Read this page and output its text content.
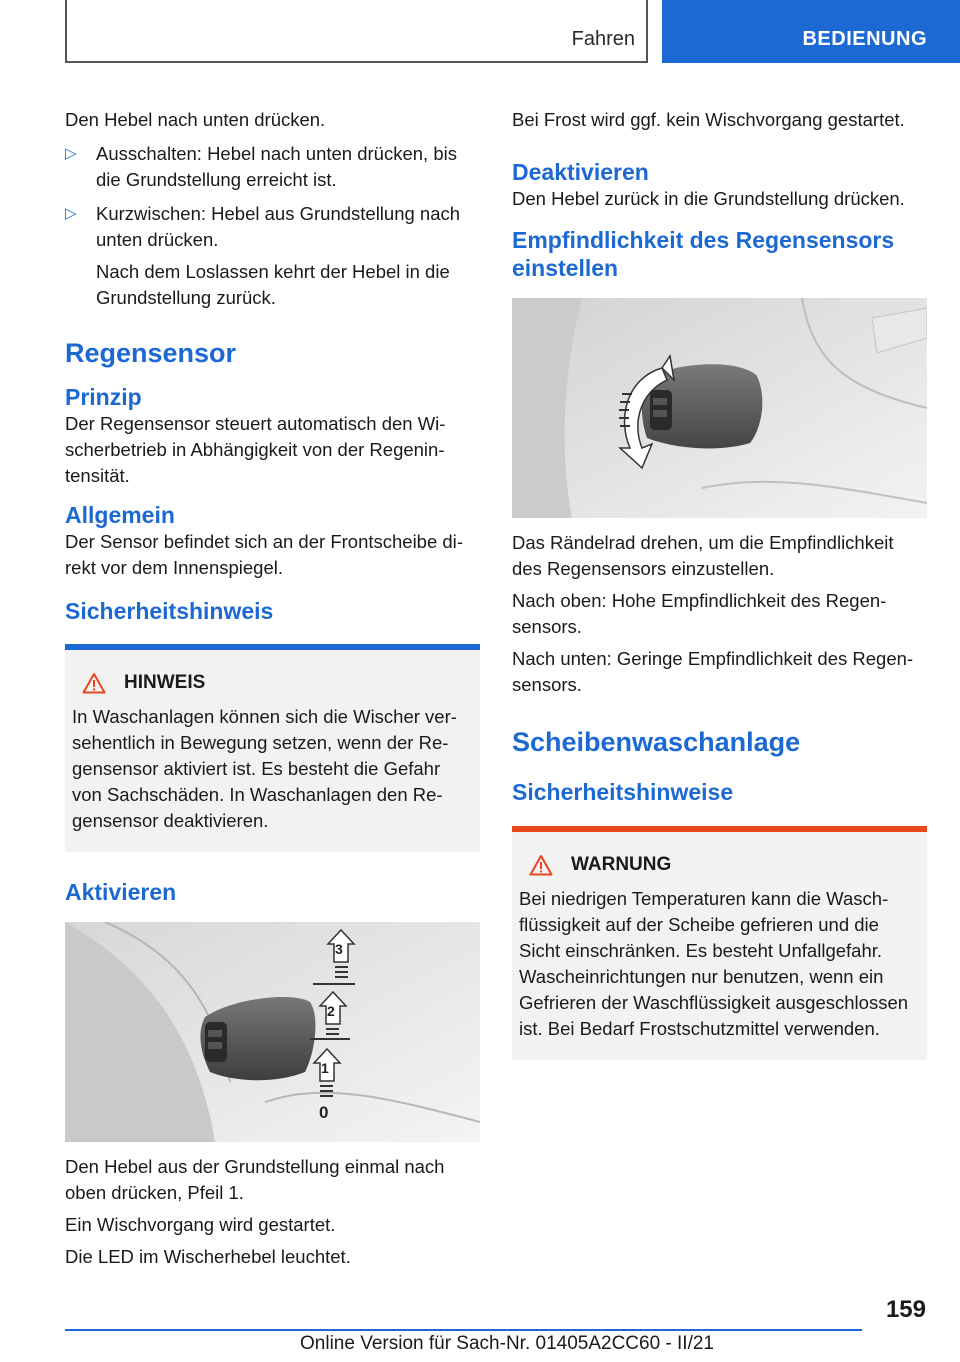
Fahren	BEDIENUNG

Den Hebel nach unten drücken.

▷ Ausschalten: Hebel nach unten drücken, bis die Grundstellung erreicht ist.
▷ Kurzwischen: Hebel aus Grundstellung nach unten drücken.

Nach dem Loslassen kehrt der Hebel in die Grundstellung zurück.

Regensensor
Prinzip

Der Regensensor steuert automatisch den Wischerbetrieb in Abhängigkeit von der Regenintensität.

Allgemein

Der Sensor befindet sich an der Frontscheibe direkt vor dem Innenspiegel.

Sicherheitshinweis
HINWEIS

In Waschanlagen können sich die Wischer versehentlich in Bewegung setzen, wenn der Regensensor aktiviert ist. Es besteht die Gefahr von Sachschäden. In Waschanlagen den Regensensor deaktivieren.

Aktivieren
3
2
1
0

Den Hebel aus der Grundstellung einmal nach oben drücken, Pfeil 1.

Ein Wischvorgang wird gestartet.

Die LED im Wischerhebel leuchtet.

Bei Frost wird ggf. kein Wischvorgang gestartet.

Deaktivieren

Den Hebel zurück in die Grundstellung drücken.

Empfindlichkeit des Regensensors einstellen

Das Rändelrad drehen, um die Empfindlichkeit des Regensensors einzustellen.

Nach oben: Hohe Empfindlichkeit des Regensensors.

Nach unten: Geringe Empfindlichkeit des Regensensors.

Scheibenwaschanlage
Sicherheitshinweise
WARNUNG

Bei niedrigen Temperaturen kann die Waschflüssigkeit auf der Scheibe gefrieren und die Sicht einschränken. Es besteht Unfallgefahr. Wascheinrichtungen nur benutzen, wenn ein Gefrieren der Waschflüssigkeit ausgeschlossen ist. Bei Bedarf Frostschutzmittel verwenden.

159
Online Version für Sach-Nr. 01405A2CC60 - II/21
